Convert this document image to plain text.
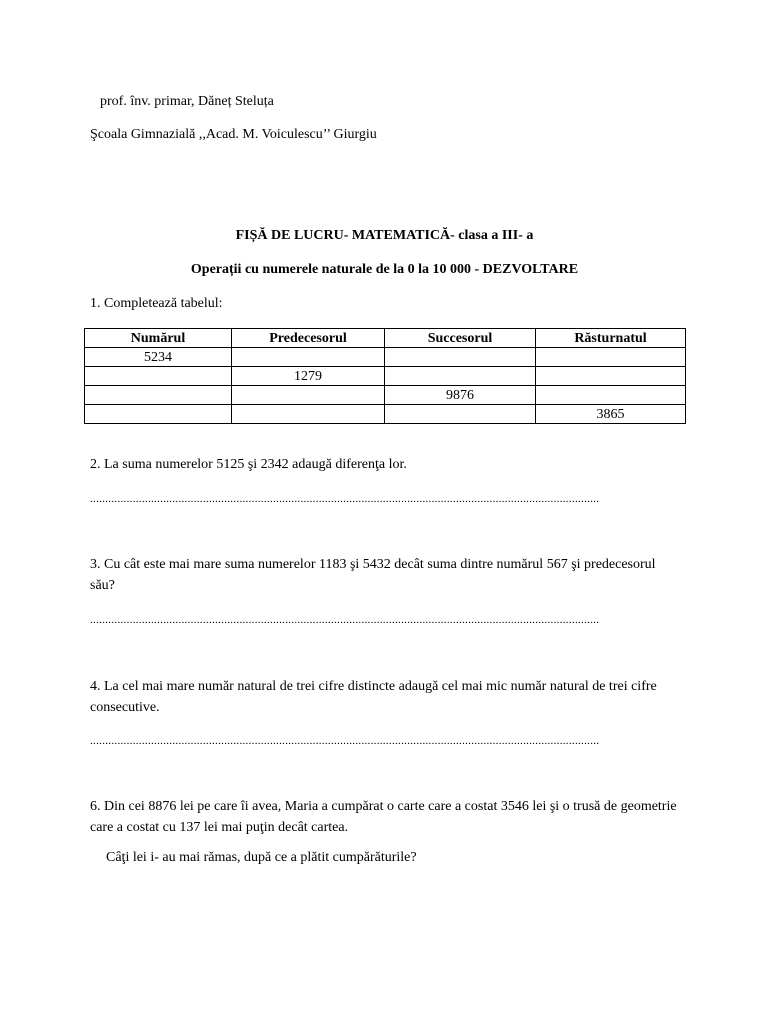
prof. înv. primar, Dăneț Steluța

Şcoala Gimnazială ,,Acad. M. Voiculescu’’ Giurgiu

FIȘĂ DE LUCRU- MATEMATICĂ- clasa a III- a

Operații cu numerele naturale de la 0 la 10 000 - DEZVOLTARE

1. Completează tabelul:

Numărul	Predecesorul	Succesorul	Răsturnatul
5234			
	1279		
		9876	
			3865

2. La suma numerelor 5125 şi 2342 adaugă diferenţa lor.

.......................................................................................................................................................................

3. Cu cât este mai mare suma numerelor 1183 şi 5432 decât suma dintre numărul 567 şi predecesorul său?

.......................................................................................................................................................................

4. La cel mai mare număr natural de trei cifre distincte adaugă cel mai mic număr natural de trei cifre consecutive.

.......................................................................................................................................................................

6. Din cei 8876 lei pe care îi avea, Maria a cumpărat o carte care a costat 3546 lei şi o trusă de geometrie care a costat cu 137 lei mai puţin decât cartea.

Câţi lei i- au mai rămas, după ce a plătit cumpărăturile?
